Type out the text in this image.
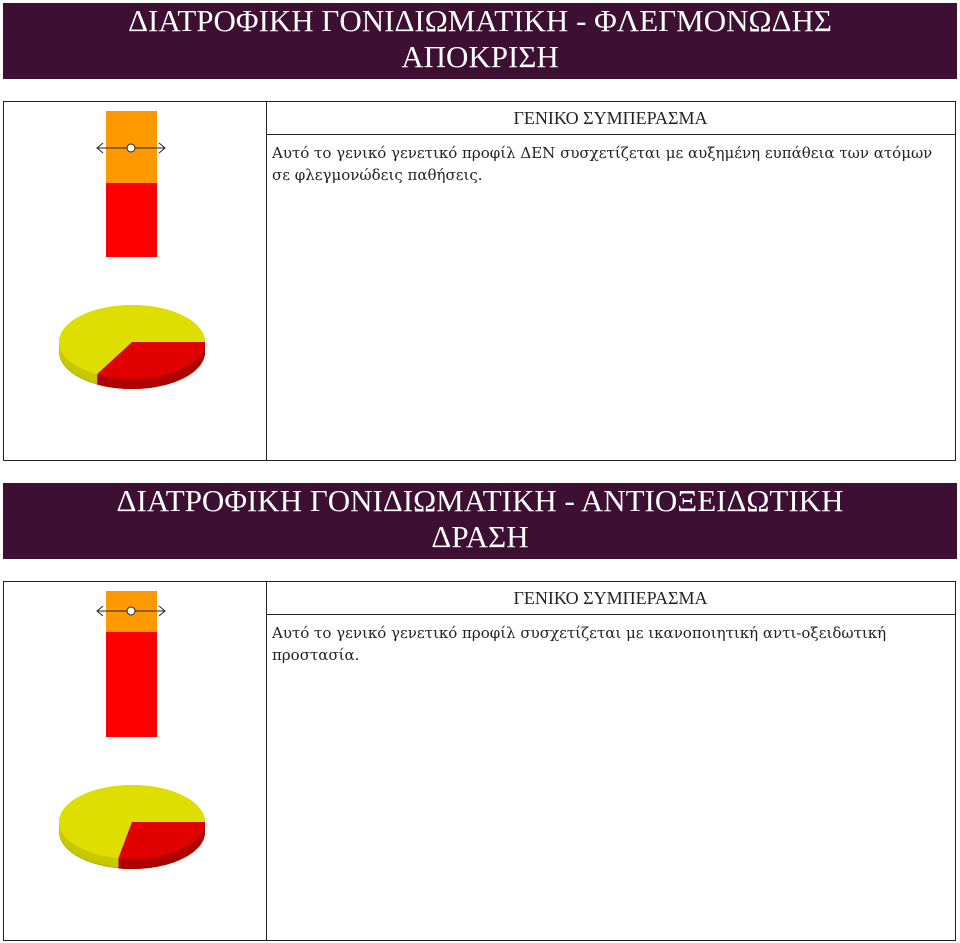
ΔΙΑΤΡΟΦΙΚΗ ΓΟΝΙΔΙΩΜΑΤΙΚΗ - ΦΛΕΓΜΟΝΩΔΗΣ
ΑΠΟΚΡΙΣΗ
ΓΕΝΙΚΟ ΣΥΜΠΕΡΑΣΜΑ
Αυτό το γενικό γενετικό προφίλ ΔΕΝ συσχετίζεται με αυξημένη ευπάθεια των ατόμων σε φλεγμονώδεις παθήσεις.
ΔΙΑΤΡΟΦΙΚΗ ΓΟΝΙΔΙΩΜΑΤΙΚΗ - ΑΝΤΙΟΞΕΙΔΩΤΙΚΗ
ΔΡΑΣΗ
ΓΕΝΙΚΟ ΣΥΜΠΕΡΑΣΜΑ
Αυτό το γενικό γενετικό προφίλ συσχετίζεται με ικανοποιητική αντι-οξειδωτική προστασία.
